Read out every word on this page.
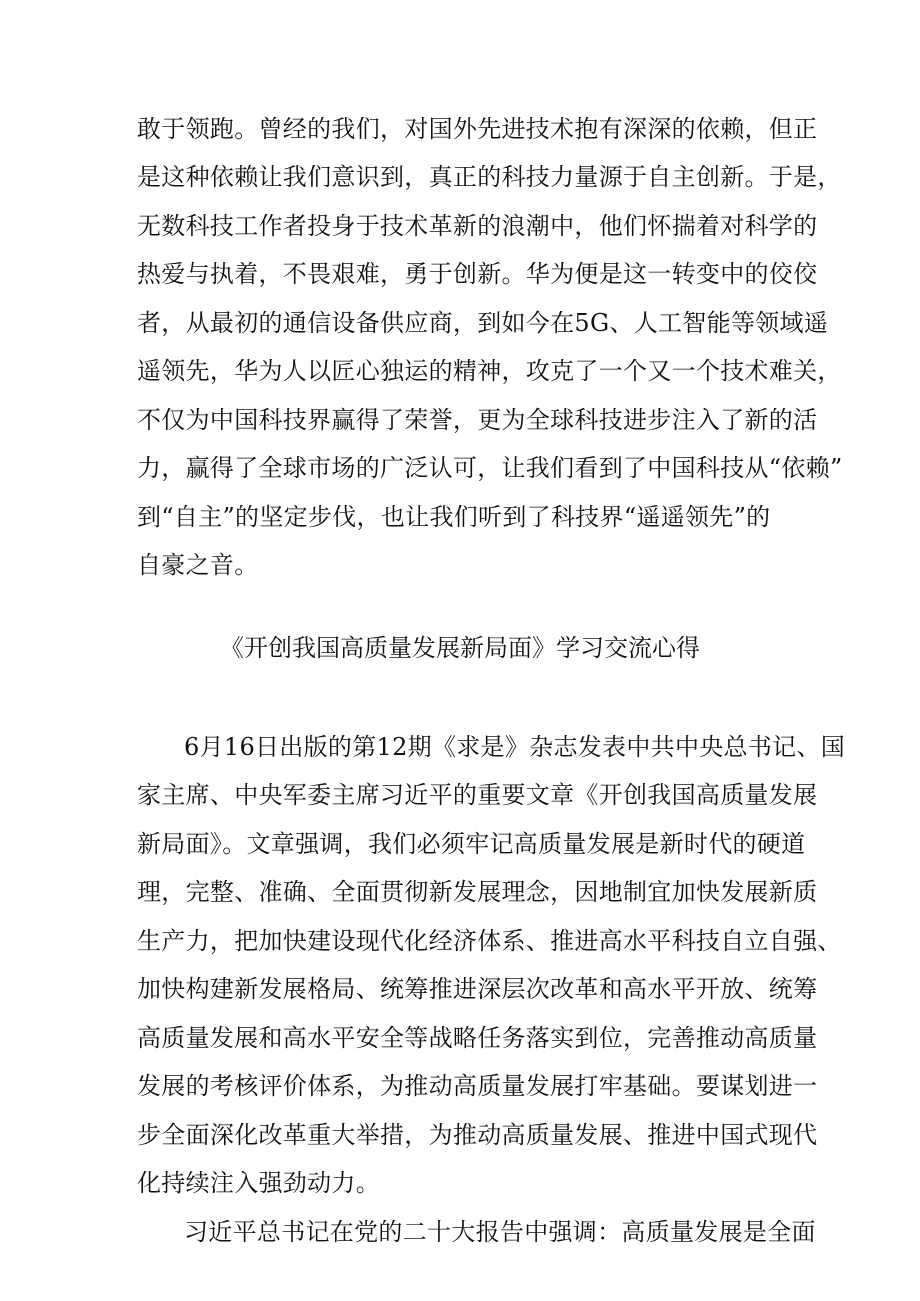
敢于领跑。曾经的我们，对国外先进技术抱有深深的依赖，但正
是这种依赖让我们意识到，真正的科技力量源于自主创新。于是，
无数科技工作者投身于技术革新的浪潮中，他们怀揣着对科学的
热爱与执着，不畏艰难，勇于创新。华为便是这一转变中的佼佼
者，从最初的通信设备供应商，到如今在5G、人工智能等领域遥
遥领先，华为人以匠心独运的精神，攻克了一个又一个技术难关，
不仅为中国科技界赢得了荣誉，更为全球科技进步注入了新的活
力，赢得了全球市场的广泛认可，让我们看到了中国科技从“依赖”
到“自主”的坚定步伐，也让我们听到了科技界“遥遥领先”的
自豪之音。
《开创我国高质量发展新局面》学习交流心得
6月16日出版的第12期《求是》杂志发表中共中央总书记、国
家主席、中央军委主席习近平的重要文章《开创我国高质量发展
新局面》。文章强调，我们必须牢记高质量发展是新时代的硬道
理，完整、准确、全面贯彻新发展理念，因地制宜加快发展新质
生产力，把加快建设现代化经济体系、推进高水平科技自立自强、
加快构建新发展格局、统筹推进深层次改革和高水平开放、统筹
高质量发展和高水平安全等战略任务落实到位，完善推动高质量
发展的考核评价体系，为推动高质量发展打牢基础。要谋划进一
步全面深化改革重大举措，为推动高质量发展、推进中国式现代
化持续注入强劲动力。
习近平总书记在党的二十大报告中强调：高质量发展是全面
